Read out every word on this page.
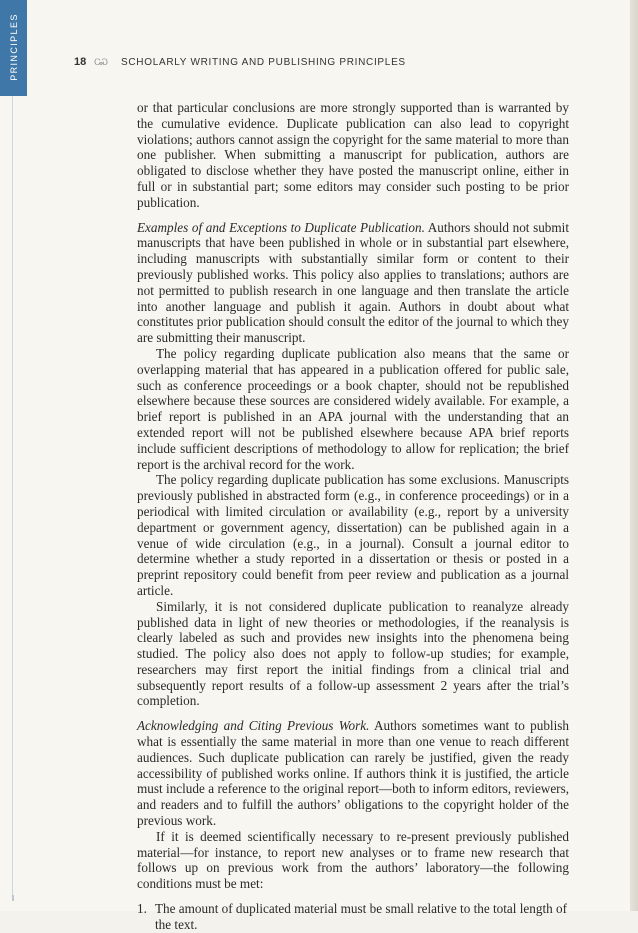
PRINCIPLES	18 ᏟᏍ SCHOLARLY WRITING AND PUBLISHING PRINCIPLES

or that particular conclusions are more strongly supported than is warranted by the cumulative evidence. Duplicate publication can also lead to copyright violations; authors cannot assign the copyright for the same material to more than one publisher. When submitting a manuscript for publication, authors are obligated to disclose whether they have posted the manuscript online, either in full or in substantial part; some editors may consider such posting to be prior publication.

Examples of and Exceptions to Duplicate Publication. Authors should not submit manuscripts that have been published in whole or in substantial part elsewhere, including manuscripts with substantially similar form or content to their previously published works. This policy also applies to translations; authors are not permitted to publish research in one language and then translate the article into another language and publish it again. Authors in doubt about what constitutes prior publication should consult the editor of the journal to which they are submitting their manuscript.

The policy regarding duplicate publication also means that the same or overlapping material that has appeared in a publication offered for public sale, such as conference proceedings or a book chapter, should not be republished elsewhere because these sources are considered widely available. For example, a brief report is published in an APA journal with the understanding that an extended report will not be published elsewhere because APA brief reports include sufficient descriptions of methodology to allow for replication; the brief report is the archival record for the work.

The policy regarding duplicate publication has some exclusions. Manuscripts previously published in abstracted form (e.g., in conference proceedings) or in a periodical with limited circulation or availability (e.g., report by a university department or government agency, dissertation) can be published again in a venue of wide circulation (e.g., in a journal). Consult a journal editor to determine whether a study reported in a dissertation or thesis or posted in a preprint repository could benefit from peer review and publication as a journal article.

Similarly, it is not considered duplicate publication to reanalyze already published data in light of new theories or methodologies, if the reanalysis is clearly labeled as such and provides new insights into the phenomena being studied. The policy also does not apply to follow-up studies; for example, researchers may first report the initial findings from a clinical trial and subsequently report results of a follow-up assessment 2 years after the trial’s completion.

Acknowledging and Citing Previous Work. Authors sometimes want to publish what is essentially the same material in more than one venue to reach different audiences. Such duplicate publication can rarely be justified, given the ready accessibility of published works online. If authors think it is justified, the article must include a reference to the original report—both to inform editors, reviewers, and readers and to fulfill the authors’ obligations to the copyright holder of the previous work.

If it is deemed scientifically necessary to re-present previously published material—for instance, to report new analyses or to frame new research that follows up on previous work from the authors’ laboratory—the following conditions must be met:

1. The amount of duplicated material must be small relative to the total length of the text.
